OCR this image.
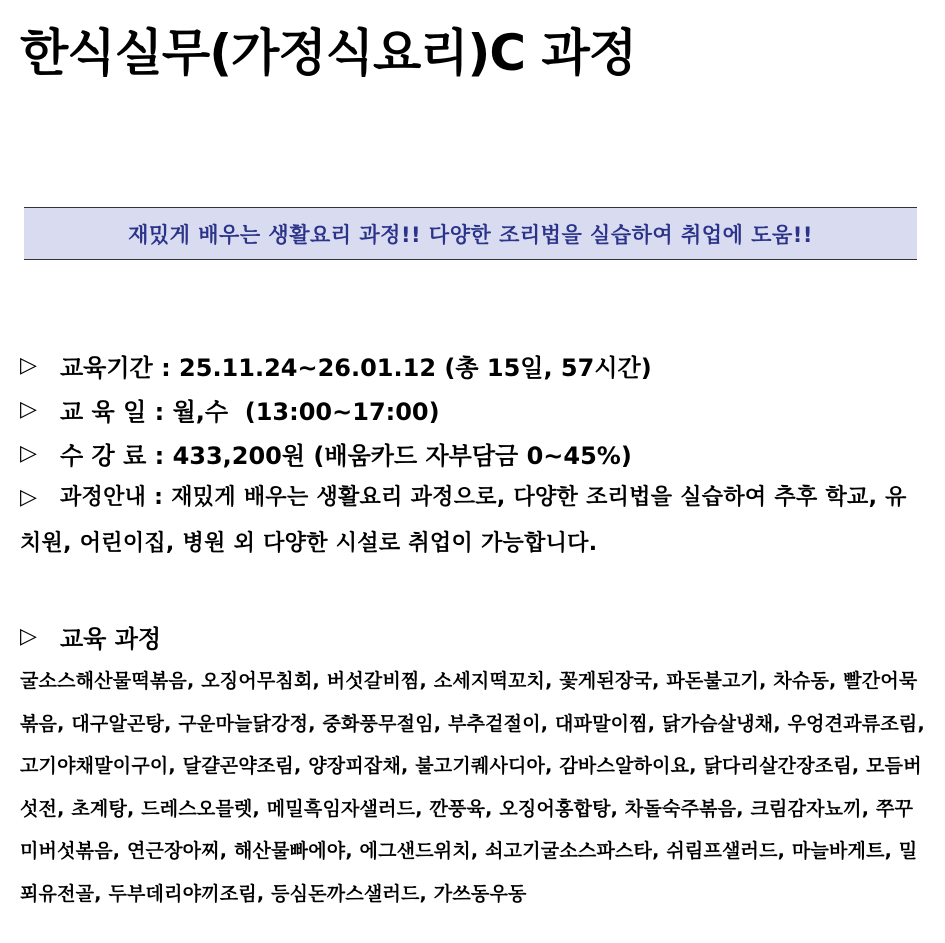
한식실무(가정식요리)C 과정
재밌게 배우는 생활요리 과정!! 다양한 조리법을 실습하여 취업에 도움!!
▷ 교육기간 : 25.11.24~26.01.12 (총 15일, 57시간)
▷ 교 육 일 : 월,수  (13:00~17:00)
▷ 수 강 료 : 433,200원 (배움카드 자부담금 0~45%)
▷ 과정안내 : 재밌게 배우는 생활요리 과정으로, 다양한 조리법을 실습하여 추후 학교, 유치원, 어린이집, 병원 외 다양한 시설로 취업이 가능합니다.
▷ 교육 과정
굴소스해산물떡볶음, 오징어무침회, 버섯갈비찜, 소세지떡꼬치, 꽃게된장국, 파돈불고기, 차슈동, 빨간어묵볶음, 대구알곤탕, 구운마늘닭강정, 중화풍무절임, 부추겉절이, 대파말이찜, 닭가슴살냉채, 우엉견과류조림, 고기야채말이구이, 달걀곤약조림, 양장피잡채, 불고기퀘사디아, 감바스알하이요, 닭다리살간장조림, 모듬버섯전, 초계탕, 드레스오믈렛, 메밀흑임자샐러드, 깐풍육, 오징어홍합탕, 차돌숙주볶음, 크림감자뇨끼, 쭈꾸미버섯볶음, 연근장아찌, 해산물빠에야, 에그샌드위치, 쇠고기굴소스파스타, 쉬림프샐러드, 마늘바게트, 밀푀유전골, 두부데리야끼조림, 등심돈까스샐러드, 가쓰동우동
